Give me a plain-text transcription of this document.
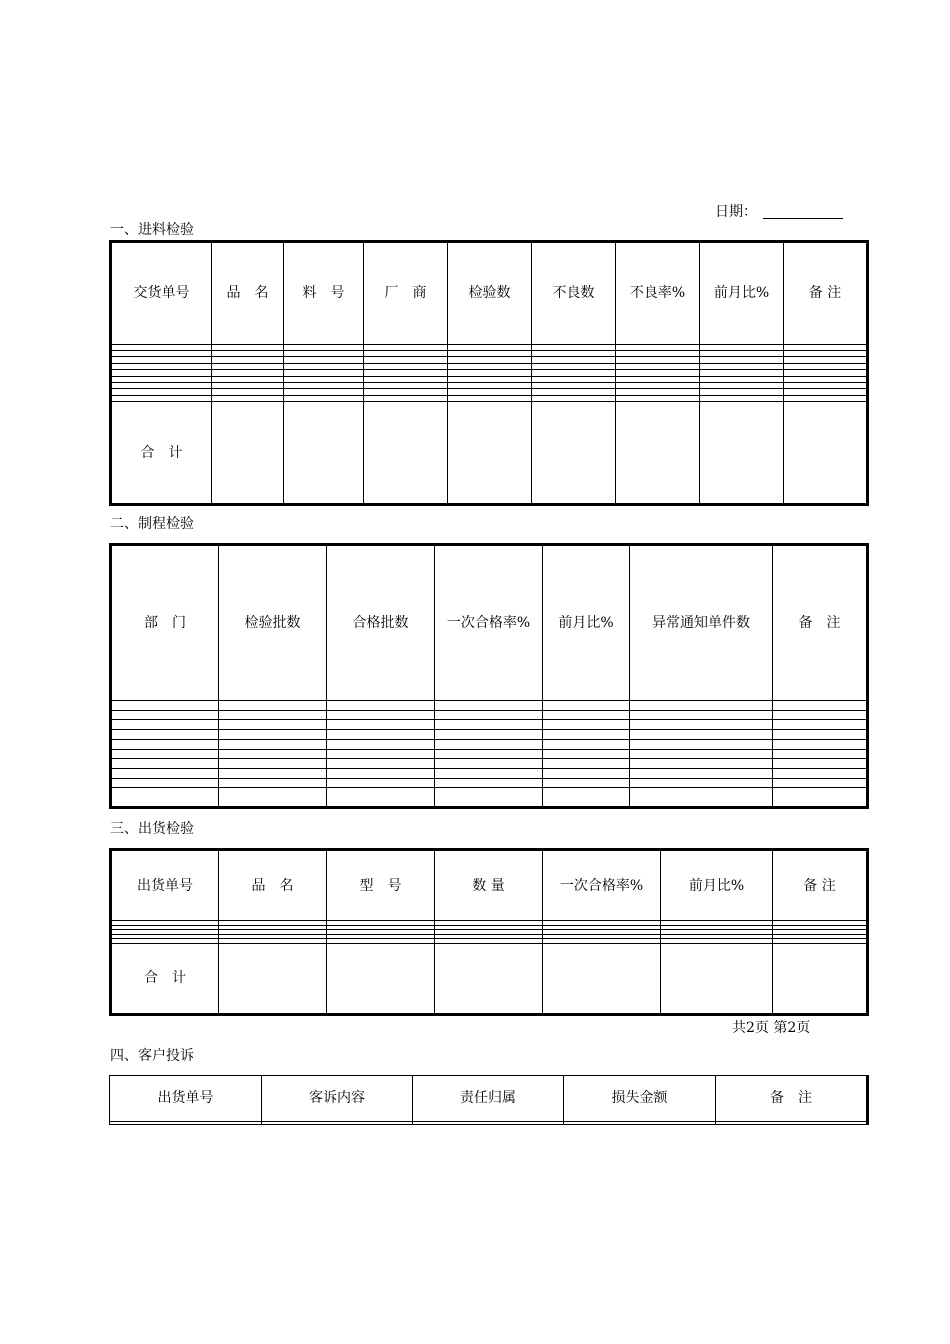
日期：
一、进料检验
交货单号	品　名	料　号	厂　商	检验数	不良数	不良率%	前月比%	备 注

合　计								
二、制程检验
部　门	检验批数	合格批数	一次合格率%	前月比%	异常通知单件数	备　注

三、出货检验
出货单号	品　名	型　号	数 量	一次合格率%	前月比%	备 注

合　计						
共2页 第2页
四、客户投诉
出货单号	客诉内容	责任归属	损失金额	备　注
